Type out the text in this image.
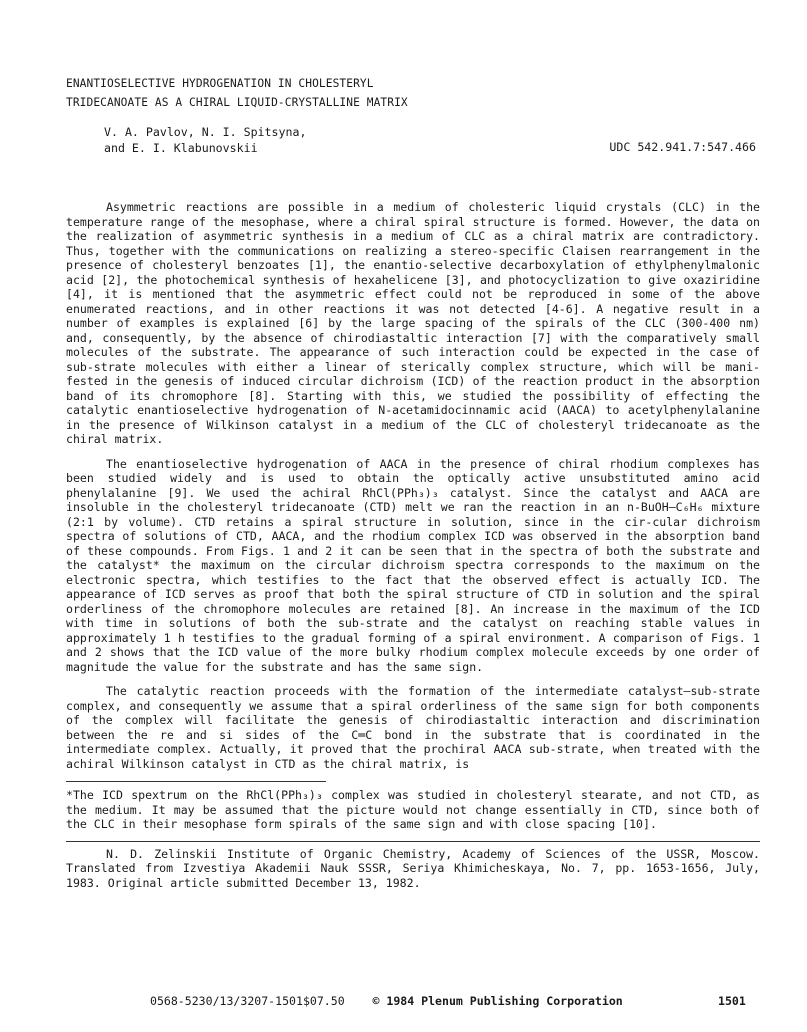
ENANTIOSELECTIVE HYDROGENATION IN CHOLESTERYL
TRIDECANOATE AS A CHIRAL LIQUID-CRYSTALLINE MATRIX
V. A. Pavlov, N. I. Spitsyna,
and E. I. Klabunovskii	UDC 542.941.7:547.466

Asymmetric reactions are possible in a medium of cholesteric liquid crystals (CLC) in the temperature range of the mesophase, where a chiral spiral structure is formed. However, the data on the realization of asymmetric synthesis in a medium of CLC as a chiral matrix are contradictory. Thus, together with the communications on realizing a stereo-specific Claisen rearrangement in the presence of cholesteryl benzoates [1], the enantio-selective decarboxylation of ethylphenylmalonic acid [2], the photochemical synthesis of hexahelicene [3], and photocyclization to give oxaziridine [4], it is mentioned that the asymmetric effect could not be reproduced in some of the above enumerated reactions, and in other reactions it was not detected [4-6]. A negative result in a number of examples is explained [6] by the large spacing of the spirals of the CLC (300-400 nm) and, consequently, by the absence of chirodiastaltic interaction [7] with the comparatively small molecules of the substrate. The appearance of such interaction could be expected in the case of sub-strate molecules with either a linear of sterically complex structure, which will be mani-fested in the genesis of induced circular dichroism (ICD) of the reaction product in the absorption band of its chromophore [8]. Starting with this, we studied the possibility of effecting the catalytic enantioselective hydrogenation of N-acetamidocinnamic acid (AACA) to acetylphenylalanine in the presence of Wilkinson catalyst in a medium of the CLC of cholesteryl tridecanoate as the chiral matrix.

The enantioselective hydrogenation of AACA in the presence of chiral rhodium complexes has been studied widely and is used to obtain the optically active unsubstituted amino acid phenylalanine [9]. We used the achiral RhCl(PPh₃)₃ catalyst. Since the catalyst and AACA are insoluble in the cholesteryl tridecanoate (CTD) melt we ran the reaction in an n-BuOH–C₆H₆ mixture (2:1 by volume). CTD retains a spiral structure in solution, since in the cir-cular dichroism spectra of solutions of CTD, AACA, and the rhodium complex ICD was observed in the absorption band of these compounds. From Figs. 1 and 2 it can be seen that in the spectra of both the substrate and the catalyst* the maximum on the circular dichroism spectra corresponds to the maximum on the electronic spectra, which testifies to the fact that the observed effect is actually ICD. The appearance of ICD serves as proof that both the spiral structure of CTD in solution and the spiral orderliness of the chromophore molecules are retained [8]. An increase in the maximum of the ICD with time in solutions of both the sub-strate and the catalyst on reaching stable values in approximately 1 h testifies to the gradual forming of a spiral environment. A comparison of Figs. 1 and 2 shows that the ICD value of the more bulky rhodium complex molecule exceeds by one order of magnitude the value for the substrate and has the same sign.

The catalytic reaction proceeds with the formation of the intermediate catalyst–sub-strate complex, and consequently we assume that a spiral orderliness of the same sign for both components of the complex will facilitate the genesis of chirodiastaltic interaction and discrimination between the re and si sides of the C═C bond in the substrate that is coordinated in the intermediate complex. Actually, it proved that the prochiral AACA sub-strate, when treated with the achiral Wilkinson catalyst in CTD as the chiral matrix, is

*The ICD spextrum on the RhCl(PPh₃)₃ complex was studied in cholesteryl stearate, and not CTD, as the medium. It may be assumed that the picture would not change essentially in CTD, since both of the CLC in their mesophase form spirals of the same sign and with close spacing [10].
N. D. Zelinskii Institute of Organic Chemistry, Academy of Sciences of the USSR, Moscow. Translated from Izvestiya Akademii Nauk SSSR, Seriya Khimicheskaya, No. 7, pp. 1653-1656, July, 1983. Original article submitted December 13, 1982.
0568-5230/13/3207-1501$07.50 © 1984 Plenum Publishing Corporation	1501
